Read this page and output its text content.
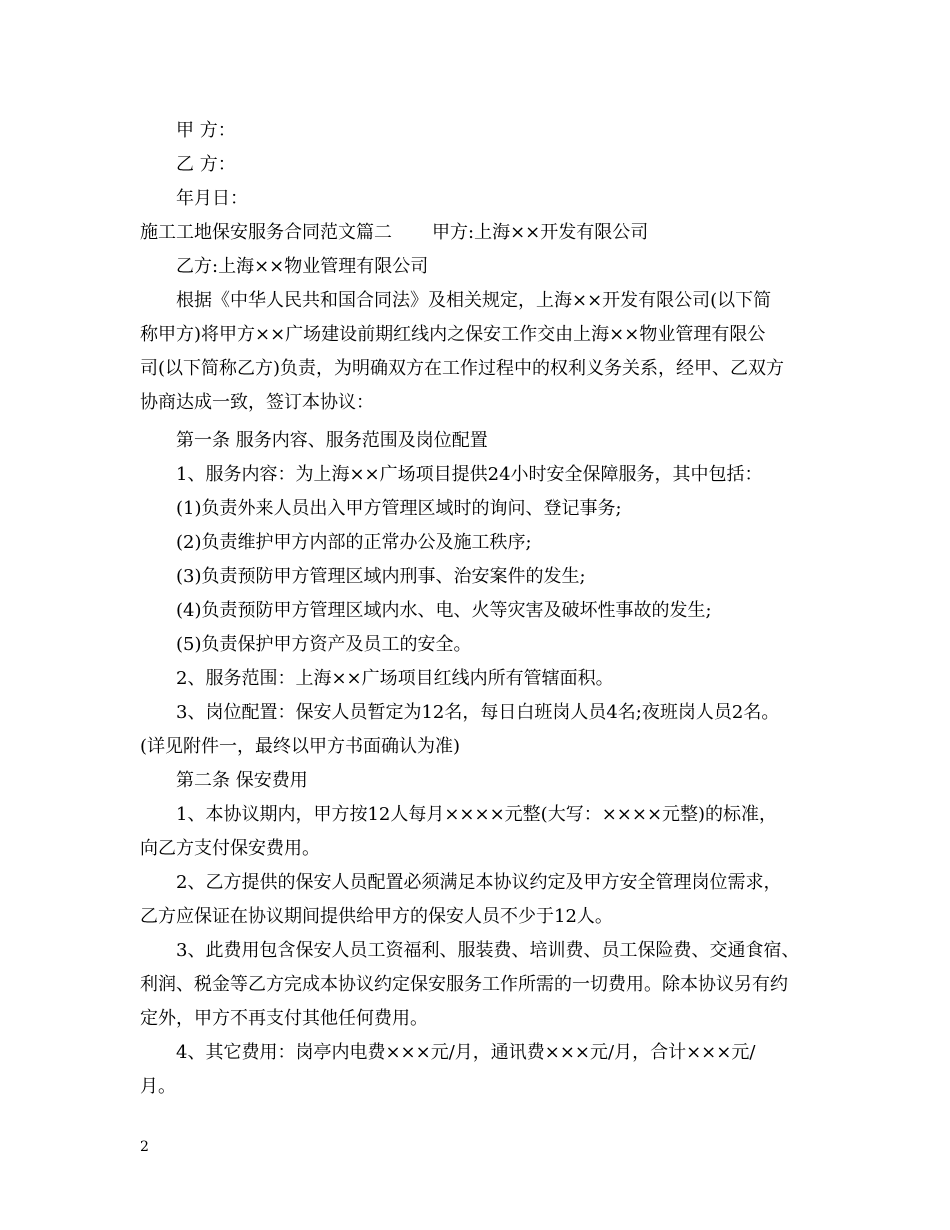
甲 方：
乙 方：
年月日：
施工工地保安服务合同范文篇二 甲方:上海××开发有限公司
乙方:上海××物业管理有限公司
根据《中华人民共和国合同法》及相关规定，上海××开发有限公司(以下简
称甲方)将甲方××广场建设前期红线内之保安工作交由上海××物业管理有限公
司(以下简称乙方)负责，为明确双方在工作过程中的权利义务关系，经甲、乙双方
协商达成一致，签订本协议：
第一条 服务内容、服务范围及岗位配置
1、服务内容：为上海××广场项目提供24小时安全保障服务，其中包括：
(1)负责外来人员出入甲方管理区域时的询问、登记事务;
(2)负责维护甲方内部的正常办公及施工秩序;
(3)负责预防甲方管理区域内刑事、治安案件的发生;
(4)负责预防甲方管理区域内水、电、火等灾害及破坏性事故的发生;
(5)负责保护甲方资产及员工的安全。
2、服务范围：上海××广场项目红线内所有管辖面积。
3、岗位配置：保安人员暂定为12名，每日白班岗人员4名;夜班岗人员2名。
(详见附件一，最终以甲方书面确认为准)
第二条 保安费用
1、本协议期内，甲方按12人每月××××元整(大写：××××元整)的标准，
向乙方支付保安费用。
2、乙方提供的保安人员配置必须满足本协议约定及甲方安全管理岗位需求，
乙方应保证在协议期间提供给甲方的保安人员不少于12人。
3、此费用包含保安人员工资福利、服装费、培训费、员工保险费、交通食宿、
利润、税金等乙方完成本协议约定保安服务工作所需的一切费用。除本协议另有约
定外，甲方不再支付其他任何费用。
4、其它费用：岗亭内电费×××元/月，通讯费×××元/月，合计×××元/
月。
2
